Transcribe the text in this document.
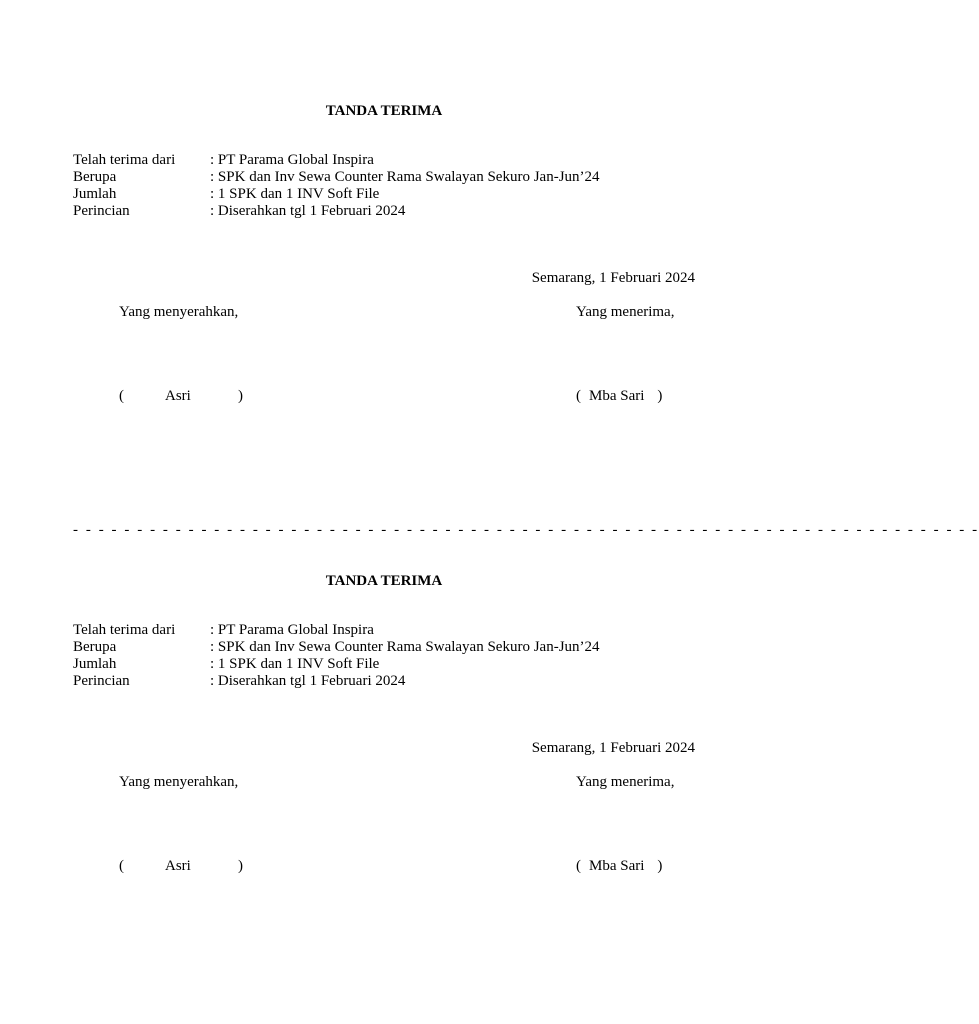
TANDA TERIMA
Telah terima dari	: PT Parama Global Inspira
Berupa	: SPK dan Inv Sewa Counter Rama Swalayan Sekuro Jan-Jun’24
Jumlah	: 1 SPK dan 1 INV Soft File
Perincian	: Diserahkan tgl 1 Februari 2024
Semarang, 1 Februari 2024
Yang menyerahkan,	Yang menerima,
(	Asri	)	( Mba Sari )
- - - - - - - - - - - - - - - - - - - - - - - - - - - - - - - - - - - - - - - - - - - - - - - - - - - - - - - - - - - - - - - - - - - - - - -
TANDA TERIMA
Telah terima dari	: PT Parama Global Inspira
Berupa	: SPK dan Inv Sewa Counter Rama Swalayan Sekuro Jan-Jun’24
Jumlah	: 1 SPK dan 1 INV Soft File
Perincian	: Diserahkan tgl 1 Februari 2024
Semarang, 1 Februari 2024
Yang menyerahkan,	Yang menerima,
(	Asri	)	( Mba Sari )
